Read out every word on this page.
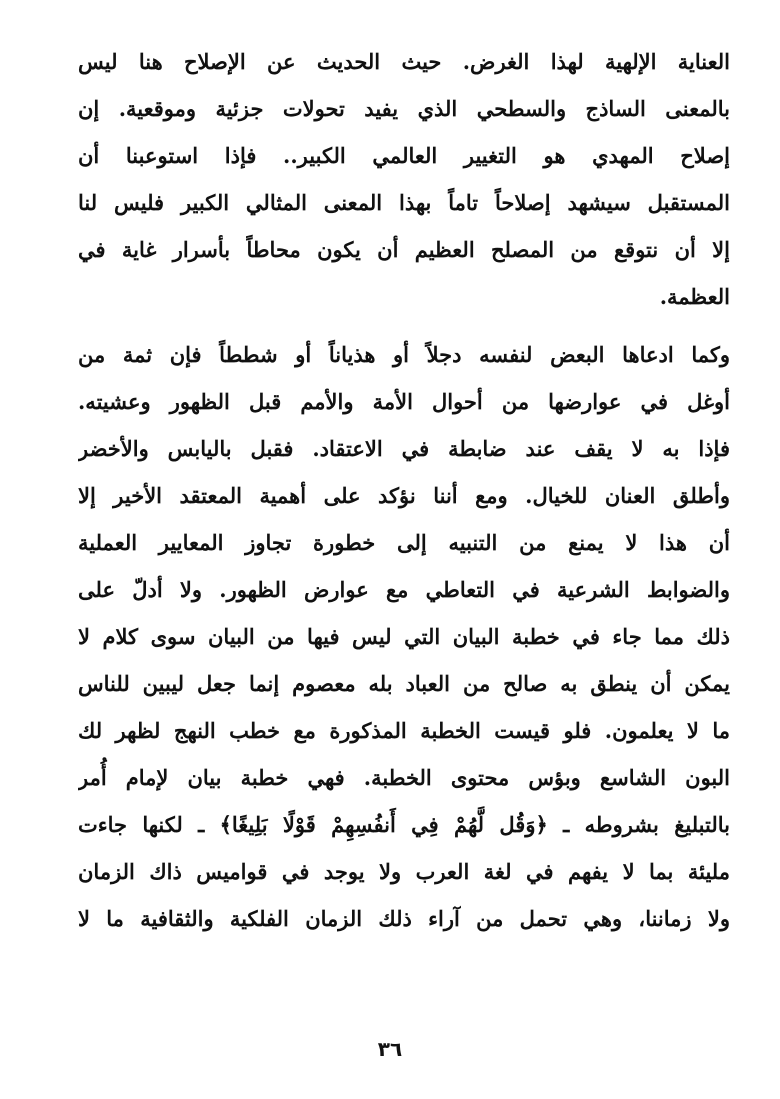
العناية الإلهية لهذا الغرض. حيث الحديث عن الإصلاح هنا ليس
بالمعنى الساذج والسطحي الذي يفيد تحولات جزئية وموقعية. إن
إصلاح المهدي هو التغيير العالمي الكبير.. فإذا استوعبنا أن
المستقبل سيشهد إصلاحاً تاماً بهذا المعنى المثالي الكبير فليس لنا
إلا أن نتوقع من المصلح العظيم أن يكون محاطاً بأسرار غاية في
العظمة.
وكما ادعاها البعض لنفسه دجلاً أو هذياناً أو شططاً فإن ثمة من
أوغل في عوارضها من أحوال الأمة والأمم قبل الظهور وعشيته.
فإذا به لا يقف عند ضابطة في الاعتقاد. فقبل باليابس والأخضر
وأطلق العنان للخيال. ومع أننا نؤكد على أهمية المعتقد الأخير إلا
أن هذا لا يمنع من التنبيه إلى خطورة تجاوز المعايير العملية
والضوابط الشرعية في التعاطي مع عوارض الظهور. ولا أدلّ على
ذلك مما جاء في خطبة البيان التي ليس فيها من البيان سوى كلام لا
يمكن أن ينطق به صالح من العباد بله معصوم إنما جعل ليبين للناس
ما لا يعلمون. فلو قيست الخطبة المذكورة مع خطب النهج لظهر لك
البون الشاسع وبؤس محتوى الخطبة. فهي خطبة بيان لإمام أُمر
بالتبليغ بشروطه ـ ﴿وَقُل لَّهُمْ فِي أَنفُسِهِمْ قَوْلًا بَلِيغًا﴾ ـ لكنها جاءت
مليئة بما لا يفهم في لغة العرب ولا يوجد في قواميس ذاك الزمان
ولا زماننا، وهي تحمل من آراء ذلك الزمان الفلكية والثقافية ما لا
٣٦
